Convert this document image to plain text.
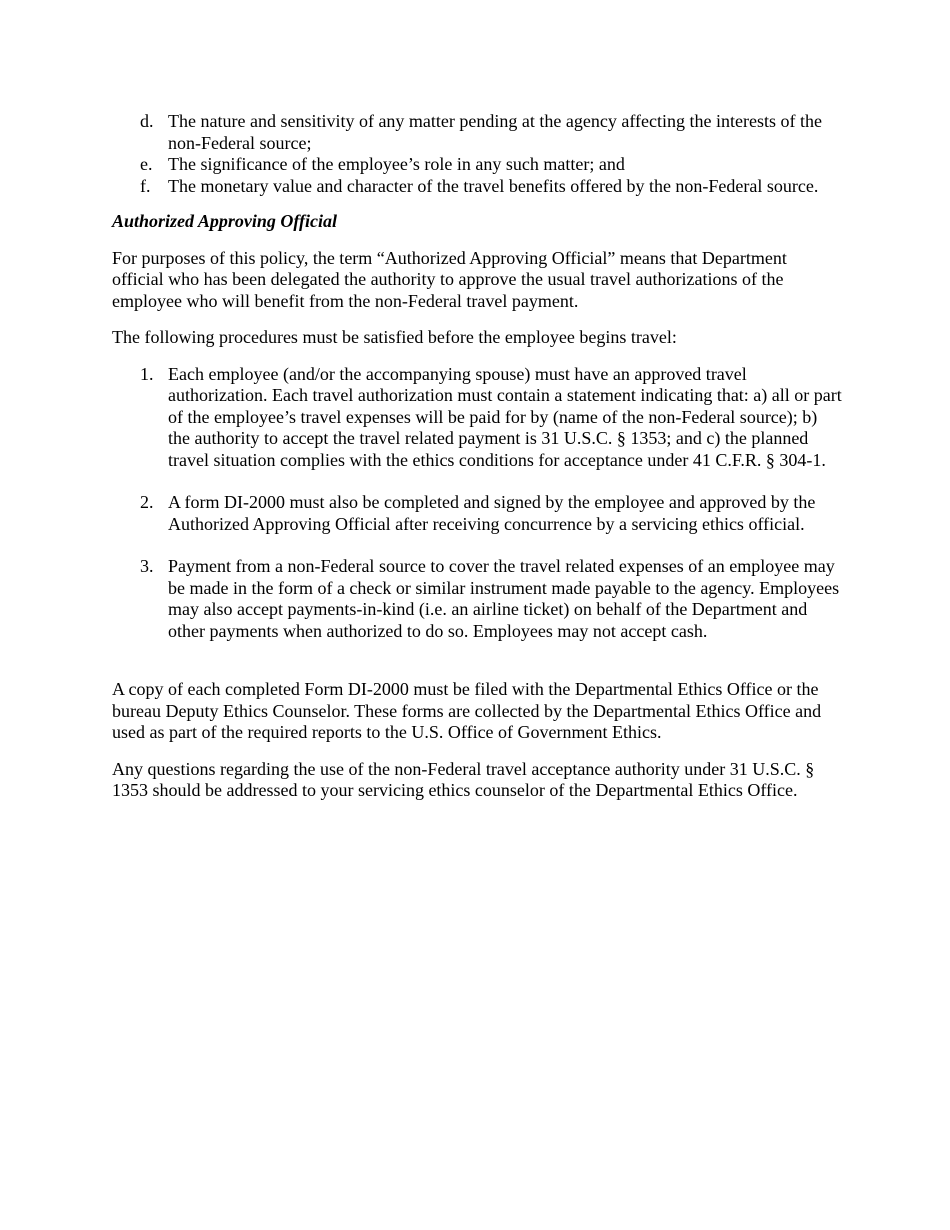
d. The nature and sensitivity of any matter pending at the agency affecting the interests of the non-Federal source;
e. The significance of the employee’s role in any such matter; and
f. The monetary value and character of the travel benefits offered by the non-Federal source.
Authorized Approving Official
For purposes of this policy, the term “Authorized Approving Official” means that Department official who has been delegated the authority to approve the usual travel authorizations of the employee who will benefit from the non-Federal travel payment.
The following procedures must be satisfied before the employee begins travel:
1. Each employee (and/or the accompanying spouse) must have an approved travel authorization. Each travel authorization must contain a statement indicating that: a) all or part of the employee’s travel expenses will be paid for by (name of the non-Federal source); b) the authority to accept the travel related payment is 31 U.S.C. § 1353; and c) the planned travel situation complies with the ethics conditions for acceptance under 41 C.F.R. § 304-1.
2. A form DI-2000 must also be completed and signed by the employee and approved by the Authorized Approving Official after receiving concurrence by a servicing ethics official.
3. Payment from a non-Federal source to cover the travel related expenses of an employee may be made in the form of a check or similar instrument made payable to the agency. Employees may also accept payments-in-kind (i.e. an airline ticket) on behalf of the Department and other payments when authorized to do so. Employees may not accept cash.
A copy of each completed Form DI-2000 must be filed with the Departmental Ethics Office or the bureau Deputy Ethics Counselor. These forms are collected by the Departmental Ethics Office and used as part of the required reports to the U.S. Office of Government Ethics.
Any questions regarding the use of the non-Federal travel acceptance authority under 31 U.S.C. § 1353 should be addressed to your servicing ethics counselor of the Departmental Ethics Office.
